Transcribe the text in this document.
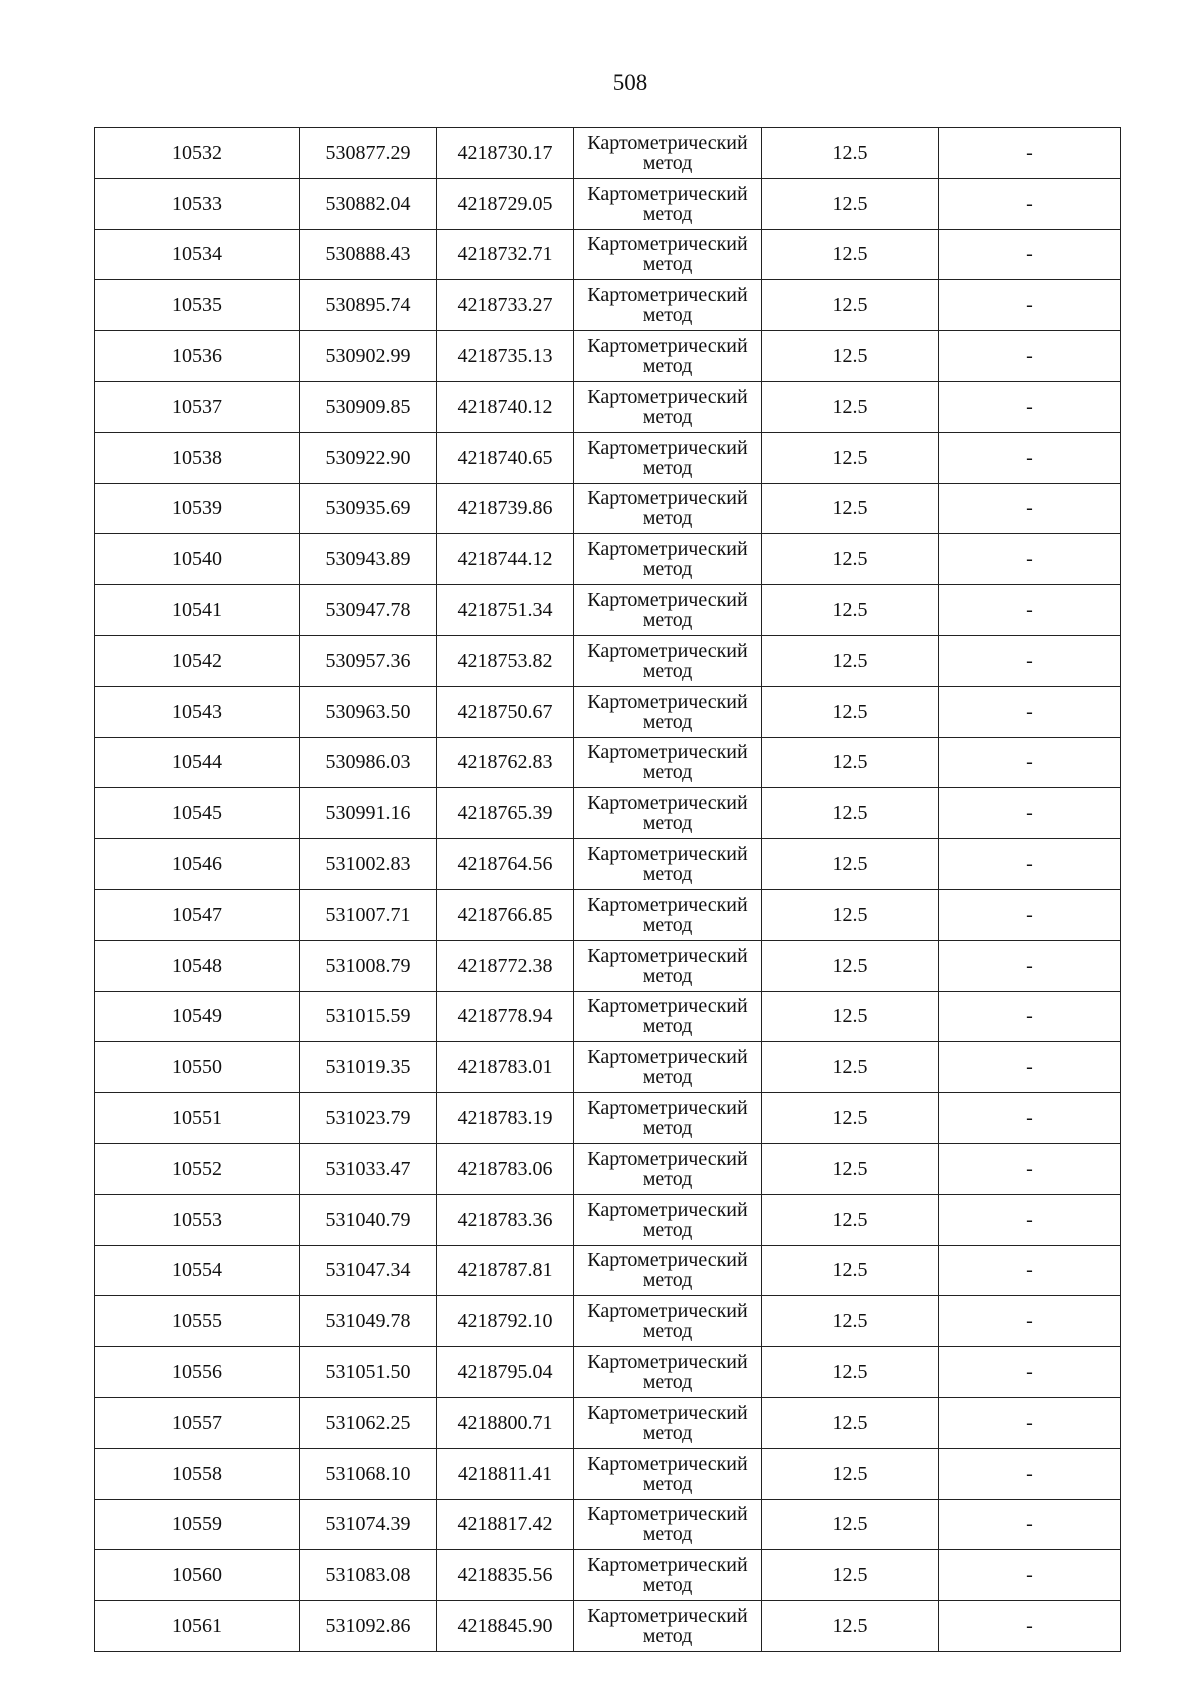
508
10532	530877.29	4218730.17	Картометрический
метод	12.5	-
10533	530882.04	4218729.05	Картометрический
метод	12.5	-
10534	530888.43	4218732.71	Картометрический
метод	12.5	-
10535	530895.74	4218733.27	Картометрический
метод	12.5	-
10536	530902.99	4218735.13	Картометрический
метод	12.5	-
10537	530909.85	4218740.12	Картометрический
метод	12.5	-
10538	530922.90	4218740.65	Картометрический
метод	12.5	-
10539	530935.69	4218739.86	Картометрический
метод	12.5	-
10540	530943.89	4218744.12	Картометрический
метод	12.5	-
10541	530947.78	4218751.34	Картометрический
метод	12.5	-
10542	530957.36	4218753.82	Картометрический
метод	12.5	-
10543	530963.50	4218750.67	Картометрический
метод	12.5	-
10544	530986.03	4218762.83	Картометрический
метод	12.5	-
10545	530991.16	4218765.39	Картометрический
метод	12.5	-
10546	531002.83	4218764.56	Картометрический
метод	12.5	-
10547	531007.71	4218766.85	Картометрический
метод	12.5	-
10548	531008.79	4218772.38	Картометрический
метод	12.5	-
10549	531015.59	4218778.94	Картометрический
метод	12.5	-
10550	531019.35	4218783.01	Картометрический
метод	12.5	-
10551	531023.79	4218783.19	Картометрический
метод	12.5	-
10552	531033.47	4218783.06	Картометрический
метод	12.5	-
10553	531040.79	4218783.36	Картометрический
метод	12.5	-
10554	531047.34	4218787.81	Картометрический
метод	12.5	-
10555	531049.78	4218792.10	Картометрический
метод	12.5	-
10556	531051.50	4218795.04	Картометрический
метод	12.5	-
10557	531062.25	4218800.71	Картометрический
метод	12.5	-
10558	531068.10	4218811.41	Картометрический
метод	12.5	-
10559	531074.39	4218817.42	Картометрический
метод	12.5	-
10560	531083.08	4218835.56	Картометрический
метод	12.5	-
10561	531092.86	4218845.90	Картометрический
метод	12.5	-
